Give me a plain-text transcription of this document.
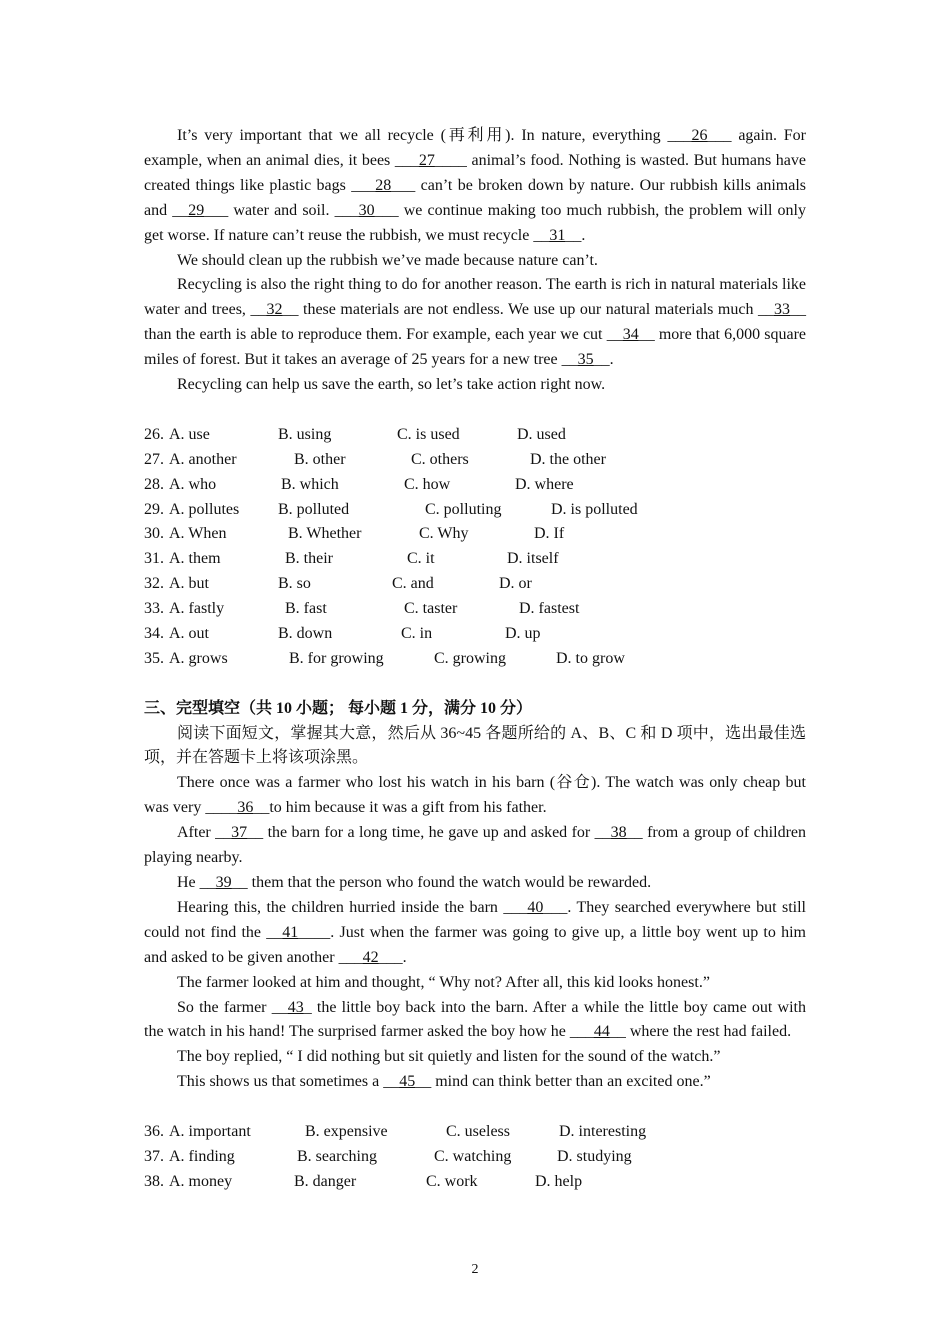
It’s very important that we all recycle (再利用). In nature, everything ___26___ again. For example, when an animal dies, it bees ___27____ animal’s food. Nothing is wasted. But humans have created things like plastic bags ___28___ can’t be broken down by nature. Our rubbish kills animals and __29___ water and soil. ___30___ we continue making too much rubbish, the problem will only get worse. If nature can’t reuse the rubbish, we must recycle __31__.

We should clean up the rubbish we’ve made because nature can’t.

Recycling is also the right thing to do for another reason. The earth is rich in natural materials like water and trees, __32__ these materials are not endless. We use up our natural materials much __33__ than the earth is able to reproduce them. For example, each year we cut __34__ more that 6,000 square miles of forest. But it takes an average of 25 years for a new tree __35__.

Recycling can help us save the earth, so let’s take action right now.

26. A. use	B. using	C. is used	D. used
27. A. another	B. other	C. others	D. the other
28. A. who	B. which	C. how	D. where
29. A. pollutes B. polluted	C. polluting	D. is polluted
30. A. When	B. Whether	C. Why	D. If
31. A. them	B. their	C. it	D. itself
32. A. but	B. so	C. and	D. or
33. A. fastly	B. fast	C. taster	D. fastest
34. A. out	B. down	C. in	D. up
35. A. grows	B. for growing	C. growing	D. to grow

三、完型填空（共 10 小题； 每小题 1 分，满分 10 分）

阅读下面短文，掌握其大意，然后从 36~45 各题所给的 A、B、C 和 D 项中，选出最佳选项，并在答题卡上将该项涂黑。

There once was a farmer who lost his watch in his barn (谷仓). The watch was only cheap but was very ____36__to him because it was a gift from his father.

After __37__ the barn for a long time, he gave up and asked for __38__ from a group of children playing nearby.

He __39__ them that the person who found the watch would be rewarded.

Hearing this, the children hurried inside the barn ___40___. They searched everywhere but still could not find the __41____. Just when the farmer was going to give up, a little boy went up to him and asked to be given another ___42___.

The farmer looked at him and thought, “ Why not? After all, this kid looks honest.”

So the farmer __43_ the little boy back into the barn. After a while the little boy came out with the watch in his hand! The surprised farmer asked the boy how he ___44__ where the rest had failed.

The boy replied, “ I did nothing but sit quietly and listen for the sound of the watch.”

This shows us that sometimes a __45__ mind can think better than an excited one.”

36. A. important	B. expensive	C. useless	D. interesting
37. A. finding	B. searching	C. watching	D. studying
38. A. money	B. danger	C. work	D. help
2
